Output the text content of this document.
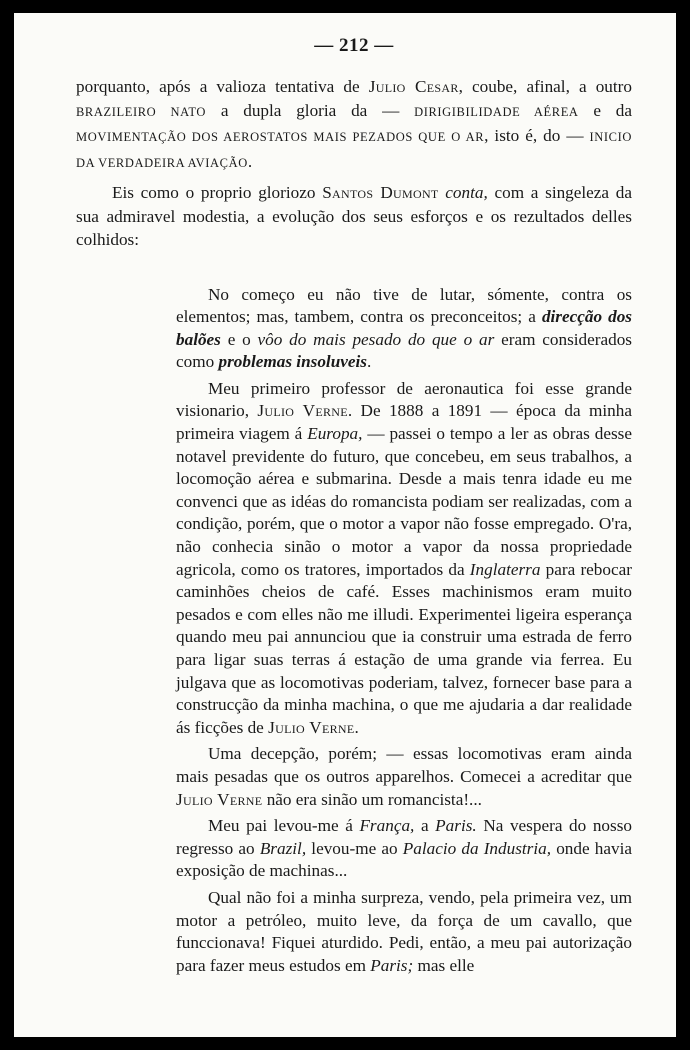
— 212 —

porquanto, após a valioza tentativa de Julio Cesar, coube, afinal, a outro BRAZILEIRO NATO a dupla gloria da — DIRIGIBILIDADE AÉREA e da MOVIMENTAÇÃO DOS AEROSTATOS MAIS PEZADOS QUE O AR, isto é, do — INICIO DA VERDADEIRA AVIAÇÃO.

Eis como o proprio gloriozo Santos Dumont conta, com a singeleza da sua admiravel modestia, a evolução dos seus esforços e os rezultados delles colhidos:

No começo eu não tive de lutar, sómente, contra os elementos; mas, tambem, contra os preconceitos; a direcção dos balões e o vôo do mais pesado do que o ar eram considerados como problemas insoluveis.

Meu primeiro professor de aeronautica foi esse grande visionario, Julio Verne. De 1888 a 1891 — época da minha primeira viagem á Europa, — passei o tempo a ler as obras desse notavel previdente do futuro, que concebeu, em seus trabalhos, a locomoção aérea e submarina. Desde a mais tenra idade eu me convenci que as idéas do romancista podiam ser realizadas, com a condição, porém, que o motor a vapor não fosse empregado. O'ra, não conhecia sinão o motor a vapor da nossa propriedade agricola, como os tratores, importados da Inglaterra para rebocar caminhões cheios de café. Esses machinismos eram muito pesados e com elles não me illudi. Experimentei ligeira esperança quando meu pai annunciou que ia construir uma estrada de ferro para ligar suas terras á estação de uma grande via ferrea. Eu julgava que as locomotivas poderiam, talvez, fornecer base para a construcção da minha machina, o que me ajudaria a dar realidade ás ficções de Julio Verne.

Uma decepção, porém; — essas locomotivas eram ainda mais pesadas que os outros apparelhos. Comecei a acreditar que Julio Verne não era sinão um romancista!...

Meu pai levou-me á França, a Paris. Na vespera do nosso regresso ao Brazil, levou-me ao Palacio da Industria, onde havia exposição de machinas...

Qual não foi a minha surpreza, vendo, pela primeira vez, um motor a petróleo, muito leve, da força de um cavallo, que funccionava! Fiquei aturdido. Pedi, então, a meu pai autorização para fazer meus estudos em Paris; mas elle
